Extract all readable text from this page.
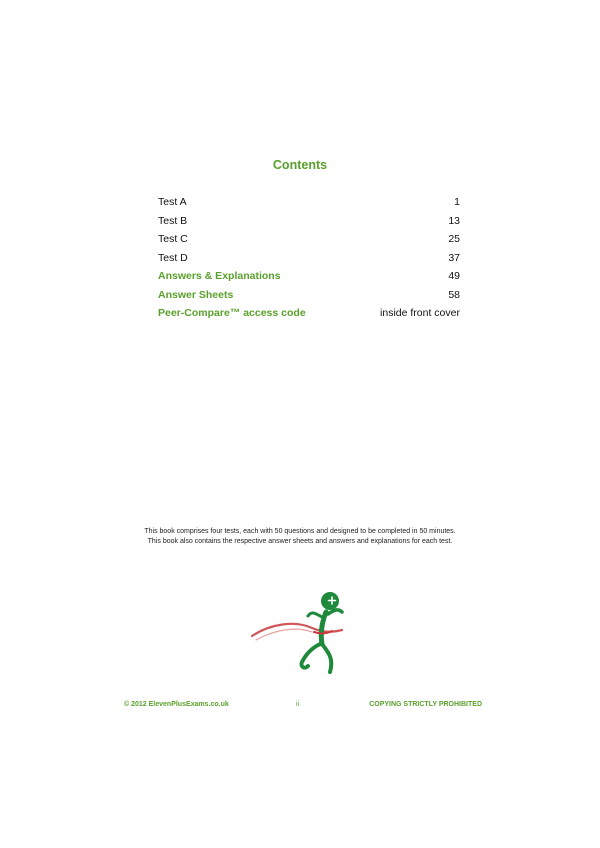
Contents
Test A	1
Test B	13
Test C	25
Test D	37
Answers & Explanations	49
Answer Sheets	58
Peer-Compare™ access code	inside front cover
This book comprises four tests, each with 50 questions and designed to be completed in 50 minutes. This book also contains the respective answer sheets and answers and explanations for each test.
© 2012 ElevenPlusExams.co.uk	ii	COPYING STRICTLY PROHIBITED
